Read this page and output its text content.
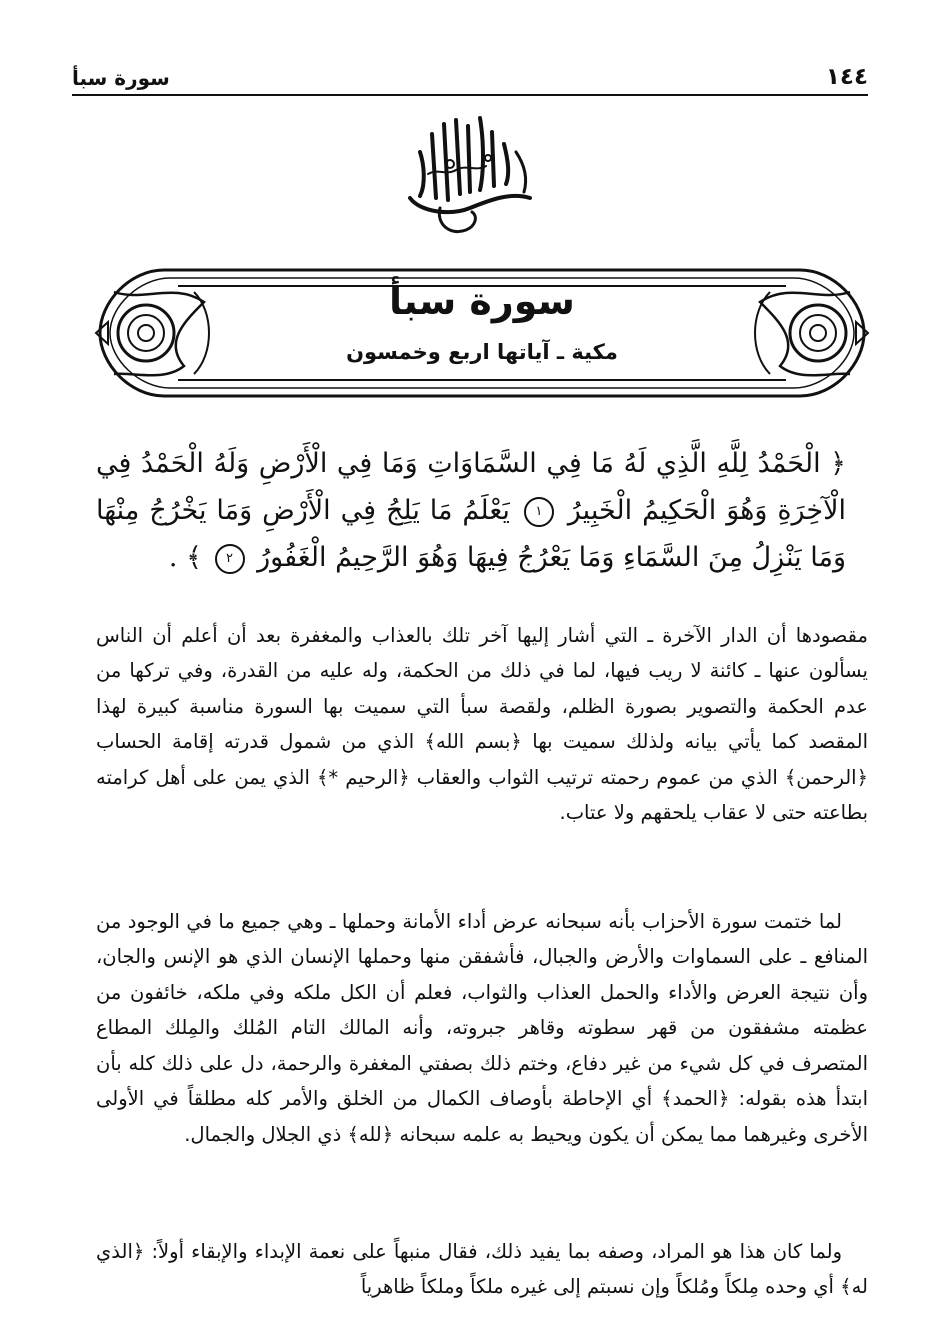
١٤٤
سورة سبأ
سورة سبأ
مكية ـ آياتها اربع وخمسون
﴿ الْحَمْدُ لِلَّهِ الَّذِي لَهُ مَا فِي السَّمَاوَاتِ وَمَا فِي الْأَرْضِ وَلَهُ الْحَمْدُ فِي الْآخِرَةِ وَهُوَ الْحَكِيمُ الْخَبِيرُ ١ يَعْلَمُ مَا يَلِجُ فِي الْأَرْضِ وَمَا يَخْرُجُ مِنْهَا وَمَا يَنْزِلُ مِنَ السَّمَاءِ وَمَا يَعْرُجُ فِيهَا وَهُوَ الرَّحِيمُ الْغَفُورُ ٢ ﴾ .

مقصودها أن الدار الآخرة ـ التي أشار إليها آخر تلك بالعذاب والمغفرة بعد أن أعلم أن الناس يسألون عنها ـ كائنة لا ريب فيها، لما في ذلك من الحكمة، وله عليه من القدرة، وفي تركها من عدم الحكمة والتصوير بصورة الظلم، ولقصة سبأ التي سميت بها السورة مناسبة كبيرة لهذا المقصد كما يأتي بيانه ولذلك سميت بها ﴿بسم الله﴾ الذي من شمول قدرته إقامة الحساب ﴿الرحمن﴾ الذي من عموم رحمته ترتيب الثواب والعقاب ﴿الرحيم *﴾ الذي يمن على أهل كرامته بطاعته حتى لا عقاب يلحقهم ولا عتاب.

لما ختمت سورة الأحزاب بأنه سبحانه عرض أداء الأمانة وحملها ـ وهي جميع ما في الوجود من المنافع ـ على السماوات والأرض والجبال، فأشفقن منها وحملها الإنسان الذي هو الإنس والجان، وأن نتيجة العرض والأداء والحمل العذاب والثواب، فعلم أن الكل ملكه وفي ملكه، خائفون من عظمته مشفقون من قهر سطوته وقاهر جبروته، وأنه المالك التام المُلك والمِلك المطاع المتصرف في كل شيء من غير دفاع، وختم ذلك بصفتي المغفرة والرحمة، دل على ذلك كله بأن ابتدأ هذه بقوله: ﴿الحمد﴾ أي الإحاطة بأوصاف الكمال من الخلق والأمر كله مطلقاً في الأولى الأخرى وغيرهما مما يمكن أن يكون ويحيط به علمه سبحانه ﴿لله﴾ ذي الجلال والجمال.

ولما كان هذا هو المراد، وصفه بما يفيد ذلك، فقال منبهاً على نعمة الإبداء والإبقاء أولاً: ﴿الذي له﴾ أي وحده مِلكاً ومُلكاً وإن نسبتم إلى غيره ملكاً وملكاً ظاهرياً
